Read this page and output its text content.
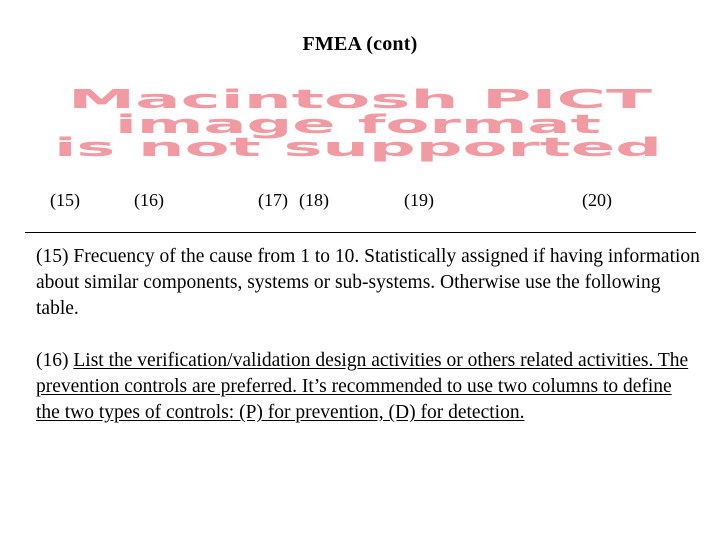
FMEA (cont)
Macintosh PICT
image format
is not supported
(15)	(16)	(17) (18)	(19)	(20)

(15) Frecuency of the cause from 1 to 10. Statistically assigned if having information about similar components, systems or sub-systems. Otherwise use the following table.

(16) List the verification/validation design activities or others related activities. The prevention controls are preferred. It’s recommended to use two columns to define the two types of controls: (P) for prevention, (D) for detection.
